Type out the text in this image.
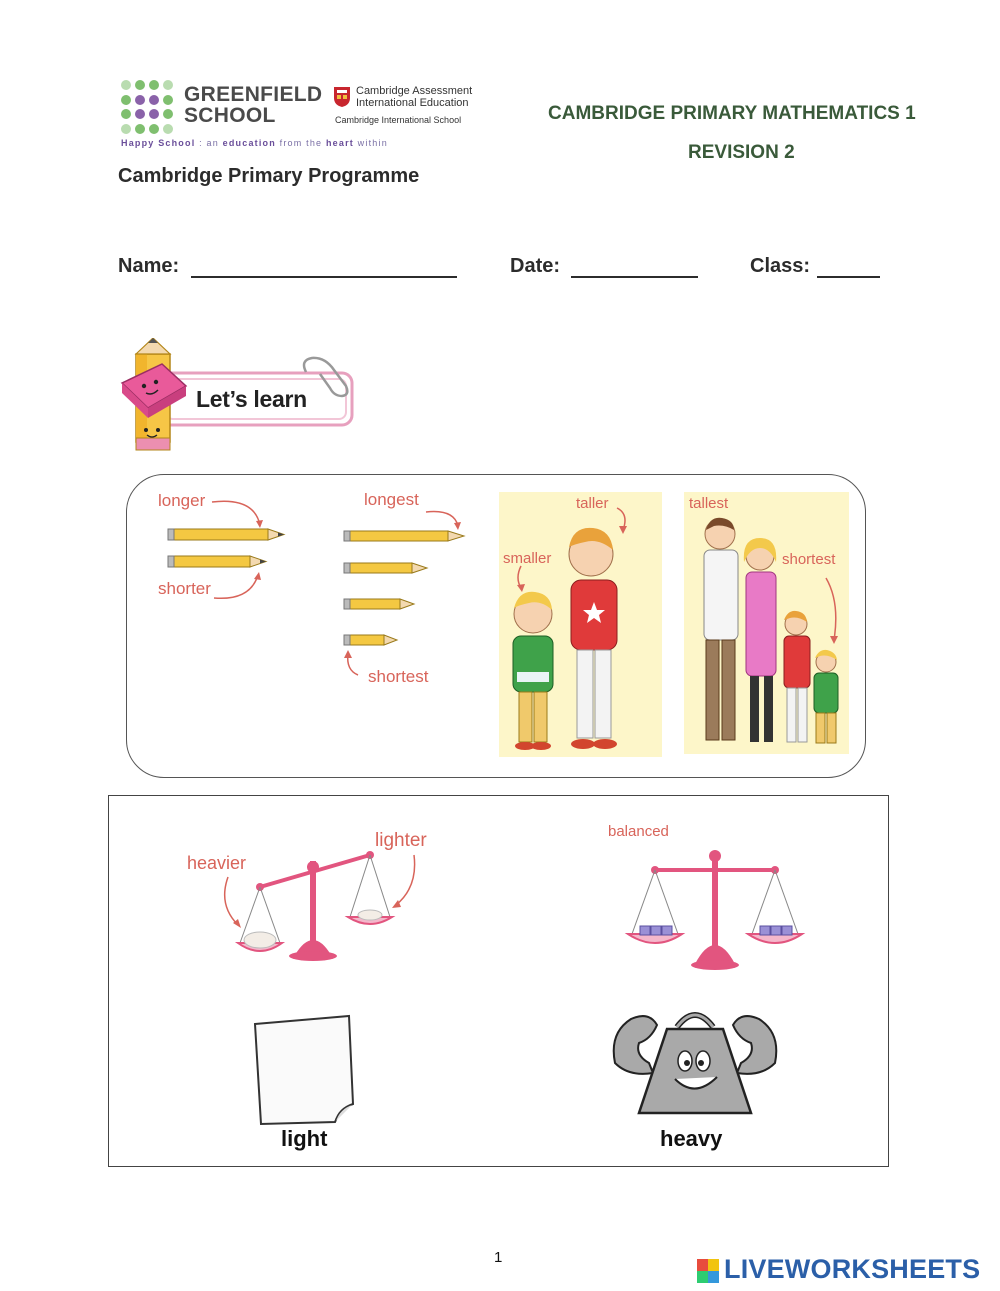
GREENFIELD
SCHOOL
Cambridge Assessment
International Education
Cambridge International School
Happy School : an education from the heart within
Cambridge Primary Programme
CAMBRIDGE PRIMARY MATHEMATICS 1
REVISION 2
Name:	Date:	Class:
Let’s learn
longer
shorter
longest
shortest
taller
smaller
tallest
shortest
heavier
lighter	balanced
light	heavy
1	LIVEWORKSHEETS
